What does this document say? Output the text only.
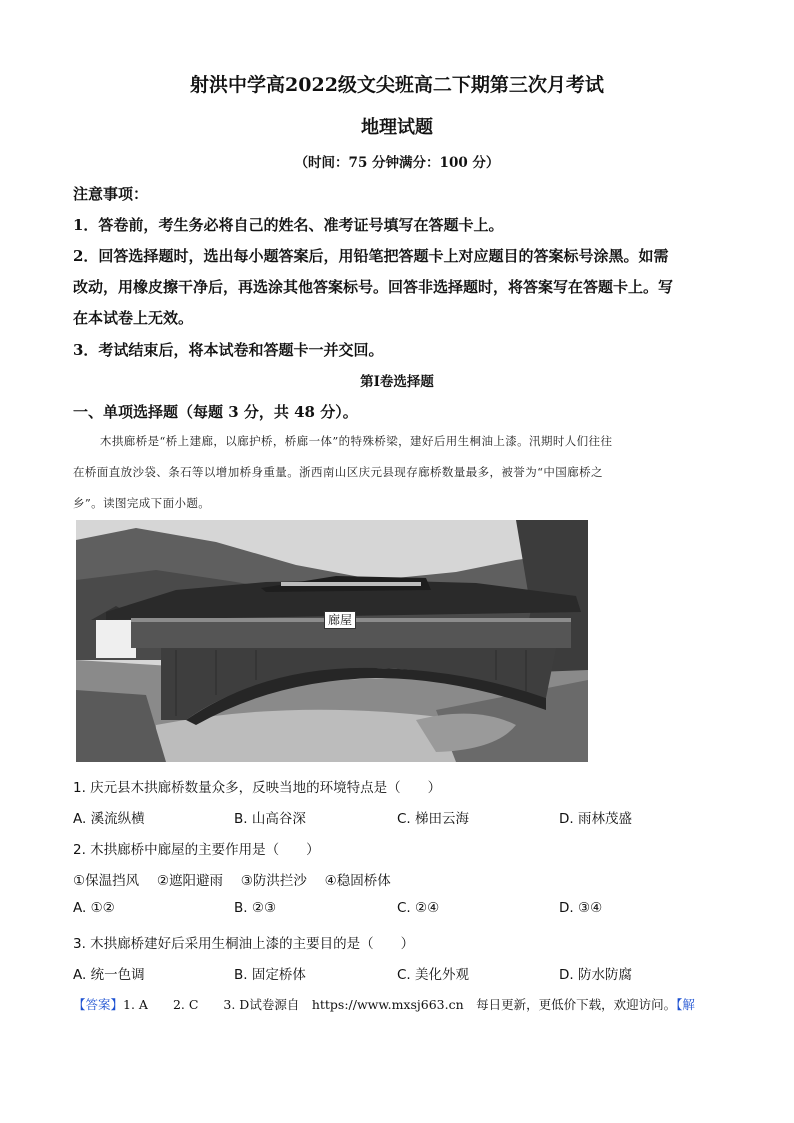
射洪中学高2022级文尖班高二下期第三次月考试
地理试题
（时间：75 分钟满分：100 分）
注意事项：
1．答卷前，考生务必将自己的姓名、准考证号填写在答题卡上。
2．回答选择题时，选出每小题答案后，用铅笔把答题卡上对应题目的答案标号涂黑。如需
改动，用橡皮擦干净后，再选涂其他答案标号。回答非选择题时，将答案写在答题卡上。写
在本试卷上无效。
3．考试结束后，将本试卷和答题卡一并交回。
第Ⅰ卷选择题
一、单项选择题（每题 3 分，共 48 分）。
木拱廊桥是“桥上建廊，以廊护桥，桥廊一体”的特殊桥梁，建好后用生桐油上漆。汛期时人们往往
在桥面直放沙袋、条石等以增加桥身重量。浙西南山区庆元县现存廊桥数量最多，被誉为“中国廊桥之
乡”。读图完成下面小题。
廊屋
1. 庆元县木拱廊桥数量众多，反映当地的环境特点是（　　）
A. 溪流纵横	B. 山高谷深	C. 梯田云海	D. 雨林茂盛
2. 木拱廊桥中廊屋的主要作用是（　　）
①保温挡风　 ②遮阳避雨　 ③防洪拦沙　 ④稳固桥体
A. ①②	B. ②③	C. ②④	D. ③④
3. 木拱廊桥建好后采用生桐油上漆的主要目的是（　　）
A. 统一色调	B. 固定桥体	C. 美化外观	D. 防水防腐
【答案】1. A　　2. C　　3. D试卷源自　https://www.mxsj663.cn　每日更新，更低价下载，欢迎访问。【解
